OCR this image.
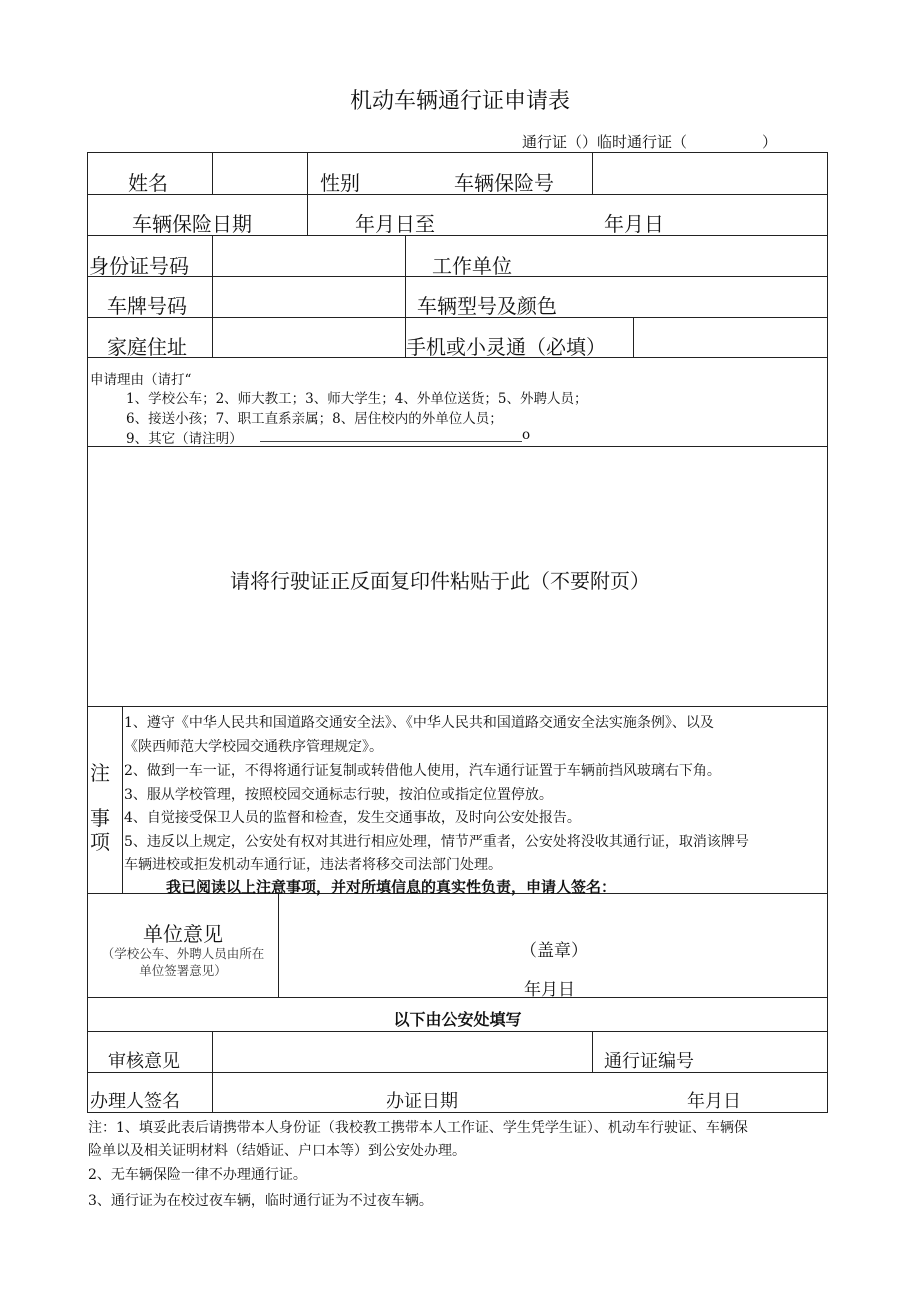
机动车辆通行证申请表
通行证（）临时通行证（　　　　　）
姓名	性别	车辆保险号
车辆保险日期	年月日至	年月日
身份证号码	工作单位
车牌号码	车辆型号及颜色
家庭住址	手机或小灵通（必填）
申请理由（请打“
1、学校公车；2、师大教工；3、师大学生；4、外单位送货；5、外聘人员；
6、接送小孩；7、职工直系亲属；8、居住校内的外单位人员；
9、其它（请注明）	o
请将行驶证正反面复印件粘贴于此（不要附页）
注
事
项
1、遵守《中华人民共和国道路交通安全法》、《中华人民共和国道路交通安全法实施条例》、以及
《陕西师范大学校园交通秩序管理规定》。
2、做到一车一证，不得将通行证复制或转借他人使用，汽车通行证置于车辆前挡风玻璃右下角。
3、服从学校管理，按照校园交通标志行驶，按泊位或指定位置停放。
4、自觉接受保卫人员的监督和检查，发生交通事故，及时向公安处报告。
5、违反以上规定，公安处有权对其进行相应处理，情节严重者，公安处将没收其通行证，取消该牌号
车辆进校或拒发机动车通行证，违法者将移交司法部门处理。
我已阅读以上注意事项，并对所填信息的真实性负责，申请人签名：
单位意见
（学校公车、外聘人员由所在
单位签署意见）
（盖章）
年月日
以下由公安处填写
审核意见	通行证编号
办理人签名	办证日期	年月日
注：1、填妥此表后请携带本人身份证（我校教工携带本人工作证、学生凭学生证）、机动车行驶证、车辆保
险单以及相关证明材料（结婚证、户口本等）到公安处办理。
2、无车辆保险一律不办理通行证。
3、通行证为在校过夜车辆，临时通行证为不过夜车辆。
